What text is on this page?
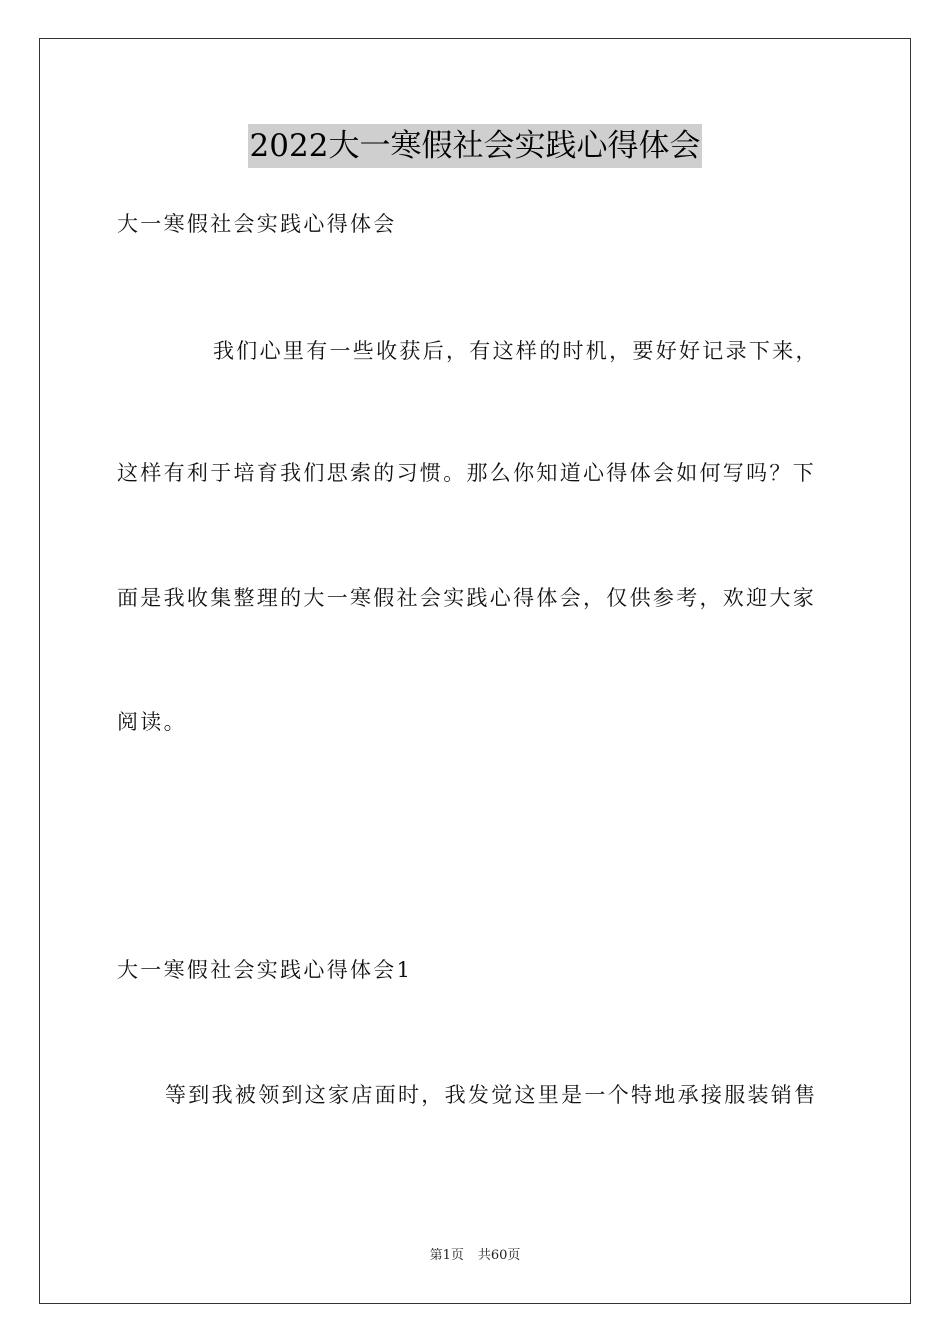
2022大一寒假社会实践心得体会
大一寒假社会实践心得体会
我们心里有一些收获后，有这样的时机，要好好记录下来，
这样有利于培育我们思索的习惯。那么你知道心得体会如何写吗？下
面是我收集整理的大一寒假社会实践心得体会，仅供参考，欢迎大家
阅读。
大一寒假社会实践心得体会1
等到我被领到这家店面时，我发觉这里是一个特地承接服装销售
第1页 共60页
